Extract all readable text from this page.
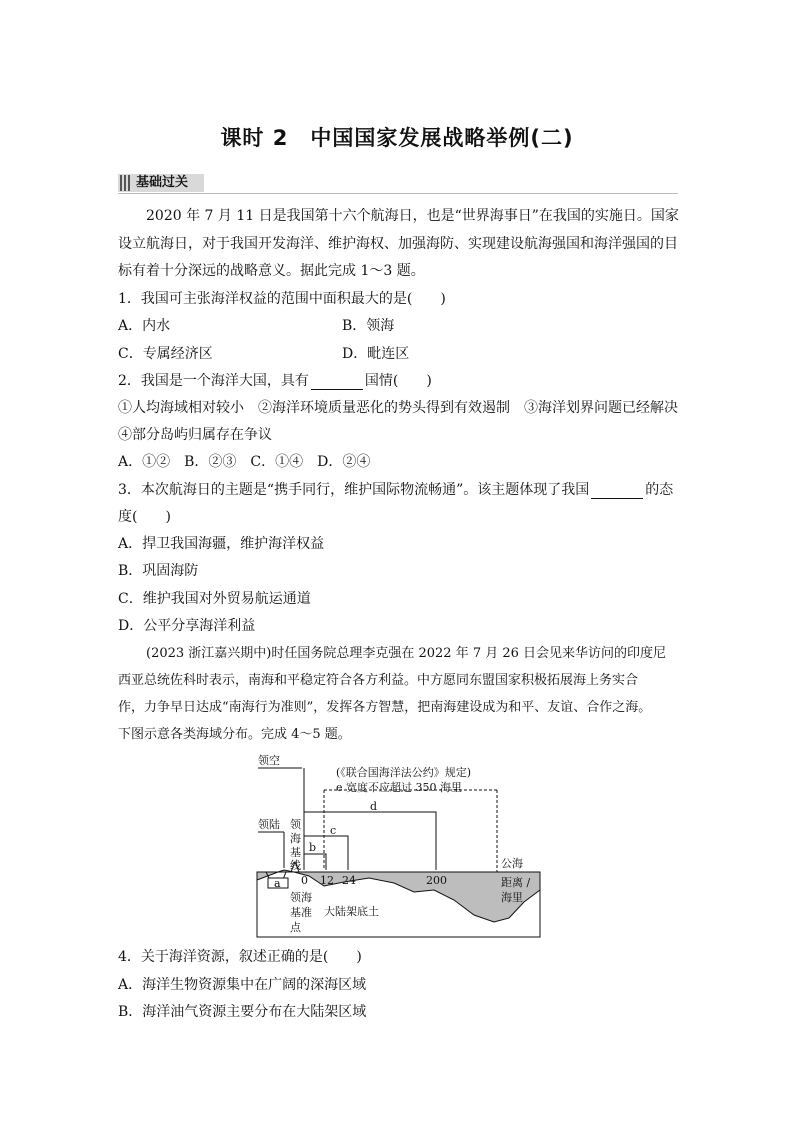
课时 2　中国国家发展战略举例(二)
基础过关
2020 年 7 月 11 日是我国第十六个航海日，也是“世界海事日”在我国的实施日。国家
设立航海日，对于我国开发海洋、维护海权、加强海防、实现建设航海强国和海洋强国的目
标有着十分深远的战略意义。据此完成 1～3 题。
1．我国可主张海洋权益的范围中面积最大的是(　　)
A．内水	B．领海
C．专属经济区	D．毗连区
2．我国是一个海洋大国，具有	国情(　　)
①人均海域相对较小　②海洋环境质量恶化的势头得到有效遏制　③海洋划界问题已经解决
④部分岛屿归属存在争议
A．①②　B．②③　C．①④　D．②④
3．本次航海日的主题是“携手同行，维护国际物流畅通”。该主题体现了我国	的态
度(　　)
A．捍卫我国海疆，维护海洋权益
B．巩固海防
C．维护我国对外贸易航运通道
D．公平分享海洋利益
(2023 浙江嘉兴期中)时任国务院总理李克强在 2022 年 7 月 26 日会见来华访问的印度尼
西亚总统佐科时表示，南海和平稳定符合各方利益。中方愿同东盟国家积极拓展海上务实合
作，力争早日达成“南海行为准则”，发挥各方智慧，把南海建设成为和平、友谊、合作之海。
下图示意各类海域分布。完成 4～5 题。
a
领空
(《联合国海洋法公约》规定)
e 宽度不应超过 350 海里
d
c
b
领陆 领
海
基
线
0 12 24	200
公海
距离 /
海里
领海
基准
点
大陆架底土
4．关于海洋资源，叙述正确的是(　　)
A．海洋生物资源集中在广阔的深海区域
B．海洋油气资源主要分布在大陆架区域
